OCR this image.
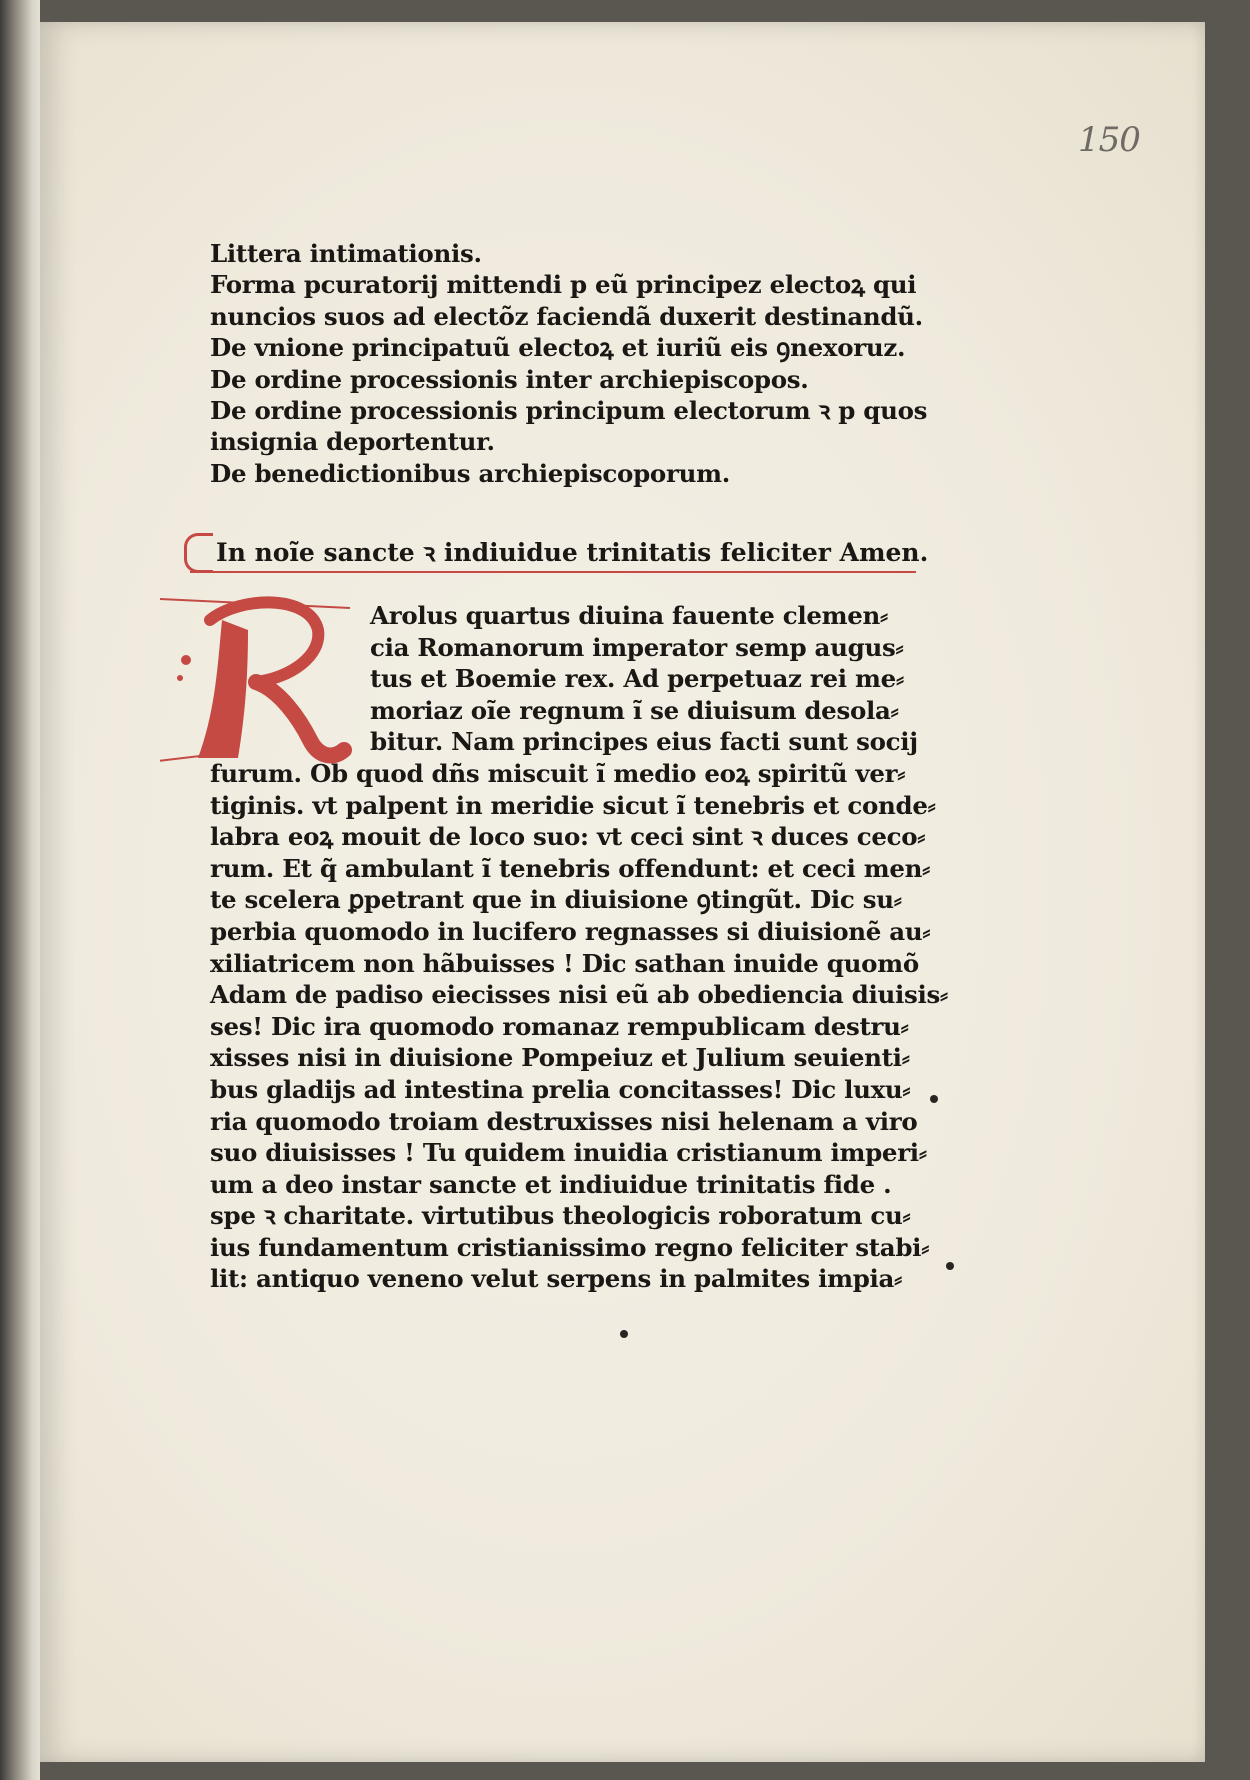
150
Littera intimationis.
Forma pcuratorij mittendi p eũ principez electoꝝ qui
nuncios suos ad electõz faciendã duxerit destinandũ.
De vnione principatuũ electoꝝ et iuriũ eis ꝯnexoruz.
De ordine processionis inter archiepiscopos.
De ordine processionis principum electorum ꝛ p quos
insignia deportentur.
De benedictionibus archiepiscoporum.
In noĩe sancte ꝛ indiuidue trinitatis feliciter Amen.
Arolus quartus diuina fauente clemen⸗
cia Romanorum imperator semp augus⸗
tus et Boemie rex. Ad perpetuaz rei me⸗
moriaz oĩe regnum ĩ se diuisum desola⸗
bitur. Nam principes eius facti sunt socij
furum. Ob quod dñs miscuit ĩ medio eoꝝ spiritũ ver⸗
tiginis. vt palpent in meridie sicut ĩ tenebris et conde⸗
labra eoꝝ mouit de loco suo: vt ceci sint ꝛ duces ceco⸗
rum. Et q̃ ambulant ĩ tenebris offendunt: et ceci men⸗
te scelera ꝑpetrant que in diuisione ꝯtingũt. Dic su⸗
perbia quomodo in lucifero regnasses si diuisionẽ au⸗
xiliatricem non hãbuisses ! Dic sathan inuide quomõ
Adam de padiso eiecisses nisi eũ ab obediencia diuisis⸗
ses! Dic ira quomodo romanaz rempublicam destru⸗
xisses nisi in diuisione Pompeiuz et Julium seuienti⸗
bus gladijs ad intestina prelia concitasses! Dic luxu⸗
ria quomodo troiam destruxisses nisi helenam a viro
suo diuisisses ! Tu quidem inuidia cristianum imperi⸗
um a deo instar sancte et indiuidue trinitatis fide .
spe ꝛ charitate. virtutibus theologicis roboratum cu⸗
ius fundamentum cristianissimo regno feliciter stabi⸗
lit: antiquo veneno velut serpens in palmites impia⸗
